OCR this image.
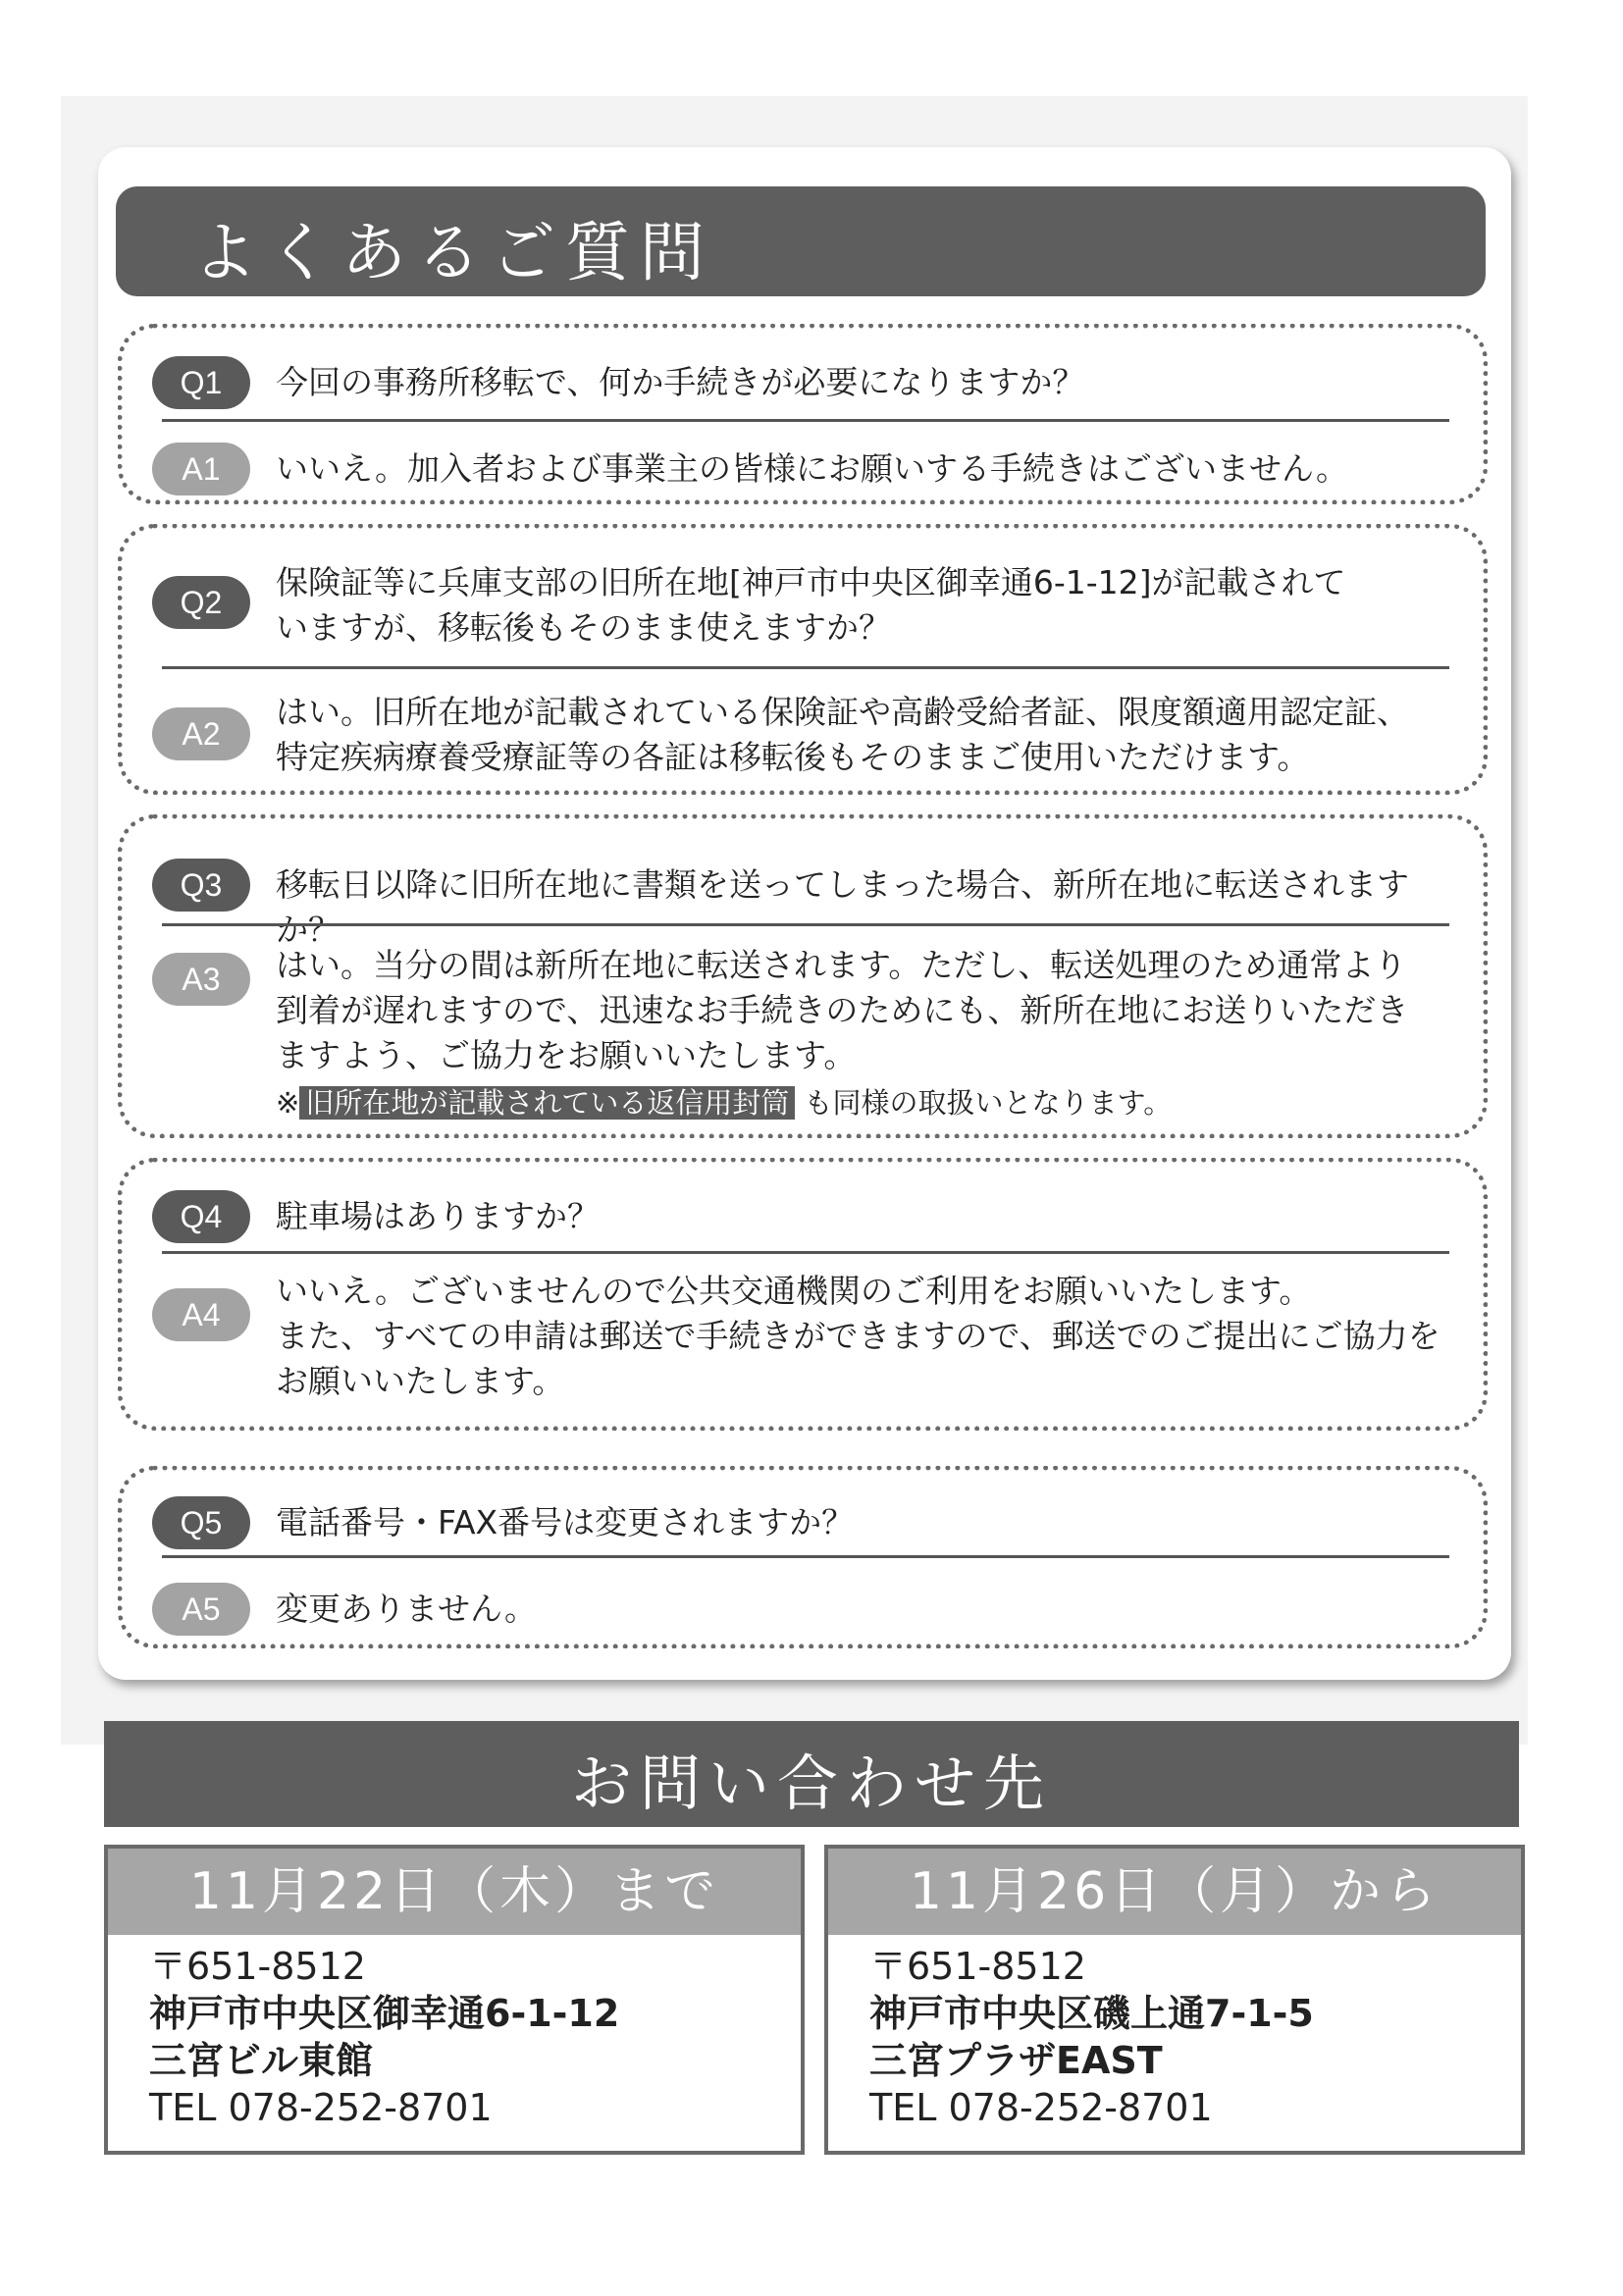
よくあるご質問
Q1	今回の事務所移転で、何か手続きが必要になりますか？
A1	いいえ。加入者および事業主の皆様にお願いする手続きはございません。
Q2
保険証等に兵庫支部の旧所在地[神戸市中央区御幸通6-1-12]が記載されて
いますが、移転後もそのまま使えますか？
A2
はい。旧所在地が記載されている保険証や高齢受給者証、限度額適用認定証、
特定疾病療養受療証等の各証は移転後もそのままご使用いただけます。
Q3	移転日以降に旧所在地に書類を送ってしまった場合、新所在地に転送されますか？
A3	はい。当分の間は新所在地に転送されます。ただし、転送処理のため通常より
到着が遅れますので、迅速なお手続きのためにも、新所在地にお送りいただき
ますよう、ご協力をお願いいたします。
※ 旧所在地が記載されている返信用封筒 も同様の取扱いとなります。
Q4	駐車場はありますか？
A4
いいえ。ございませんので公共交通機関のご利用をお願いいたします。
また、すべての申請は郵送で手続きができますので、郵送でのご提出にご協力を
お願いいたします。
Q5	電話番号・FAX番号は変更されますか？
A5	変更ありません。
お問い合わせ先
11月22日（木）まで
〒651-8512
神戸市中央区御幸通6-1-12
三宮ビル東館
TEL 078-252-8701
11月26日（月）から
〒651-8512
神戸市中央区磯上通7-1-5
三宮プラザEAST
TEL 078-252-8701
